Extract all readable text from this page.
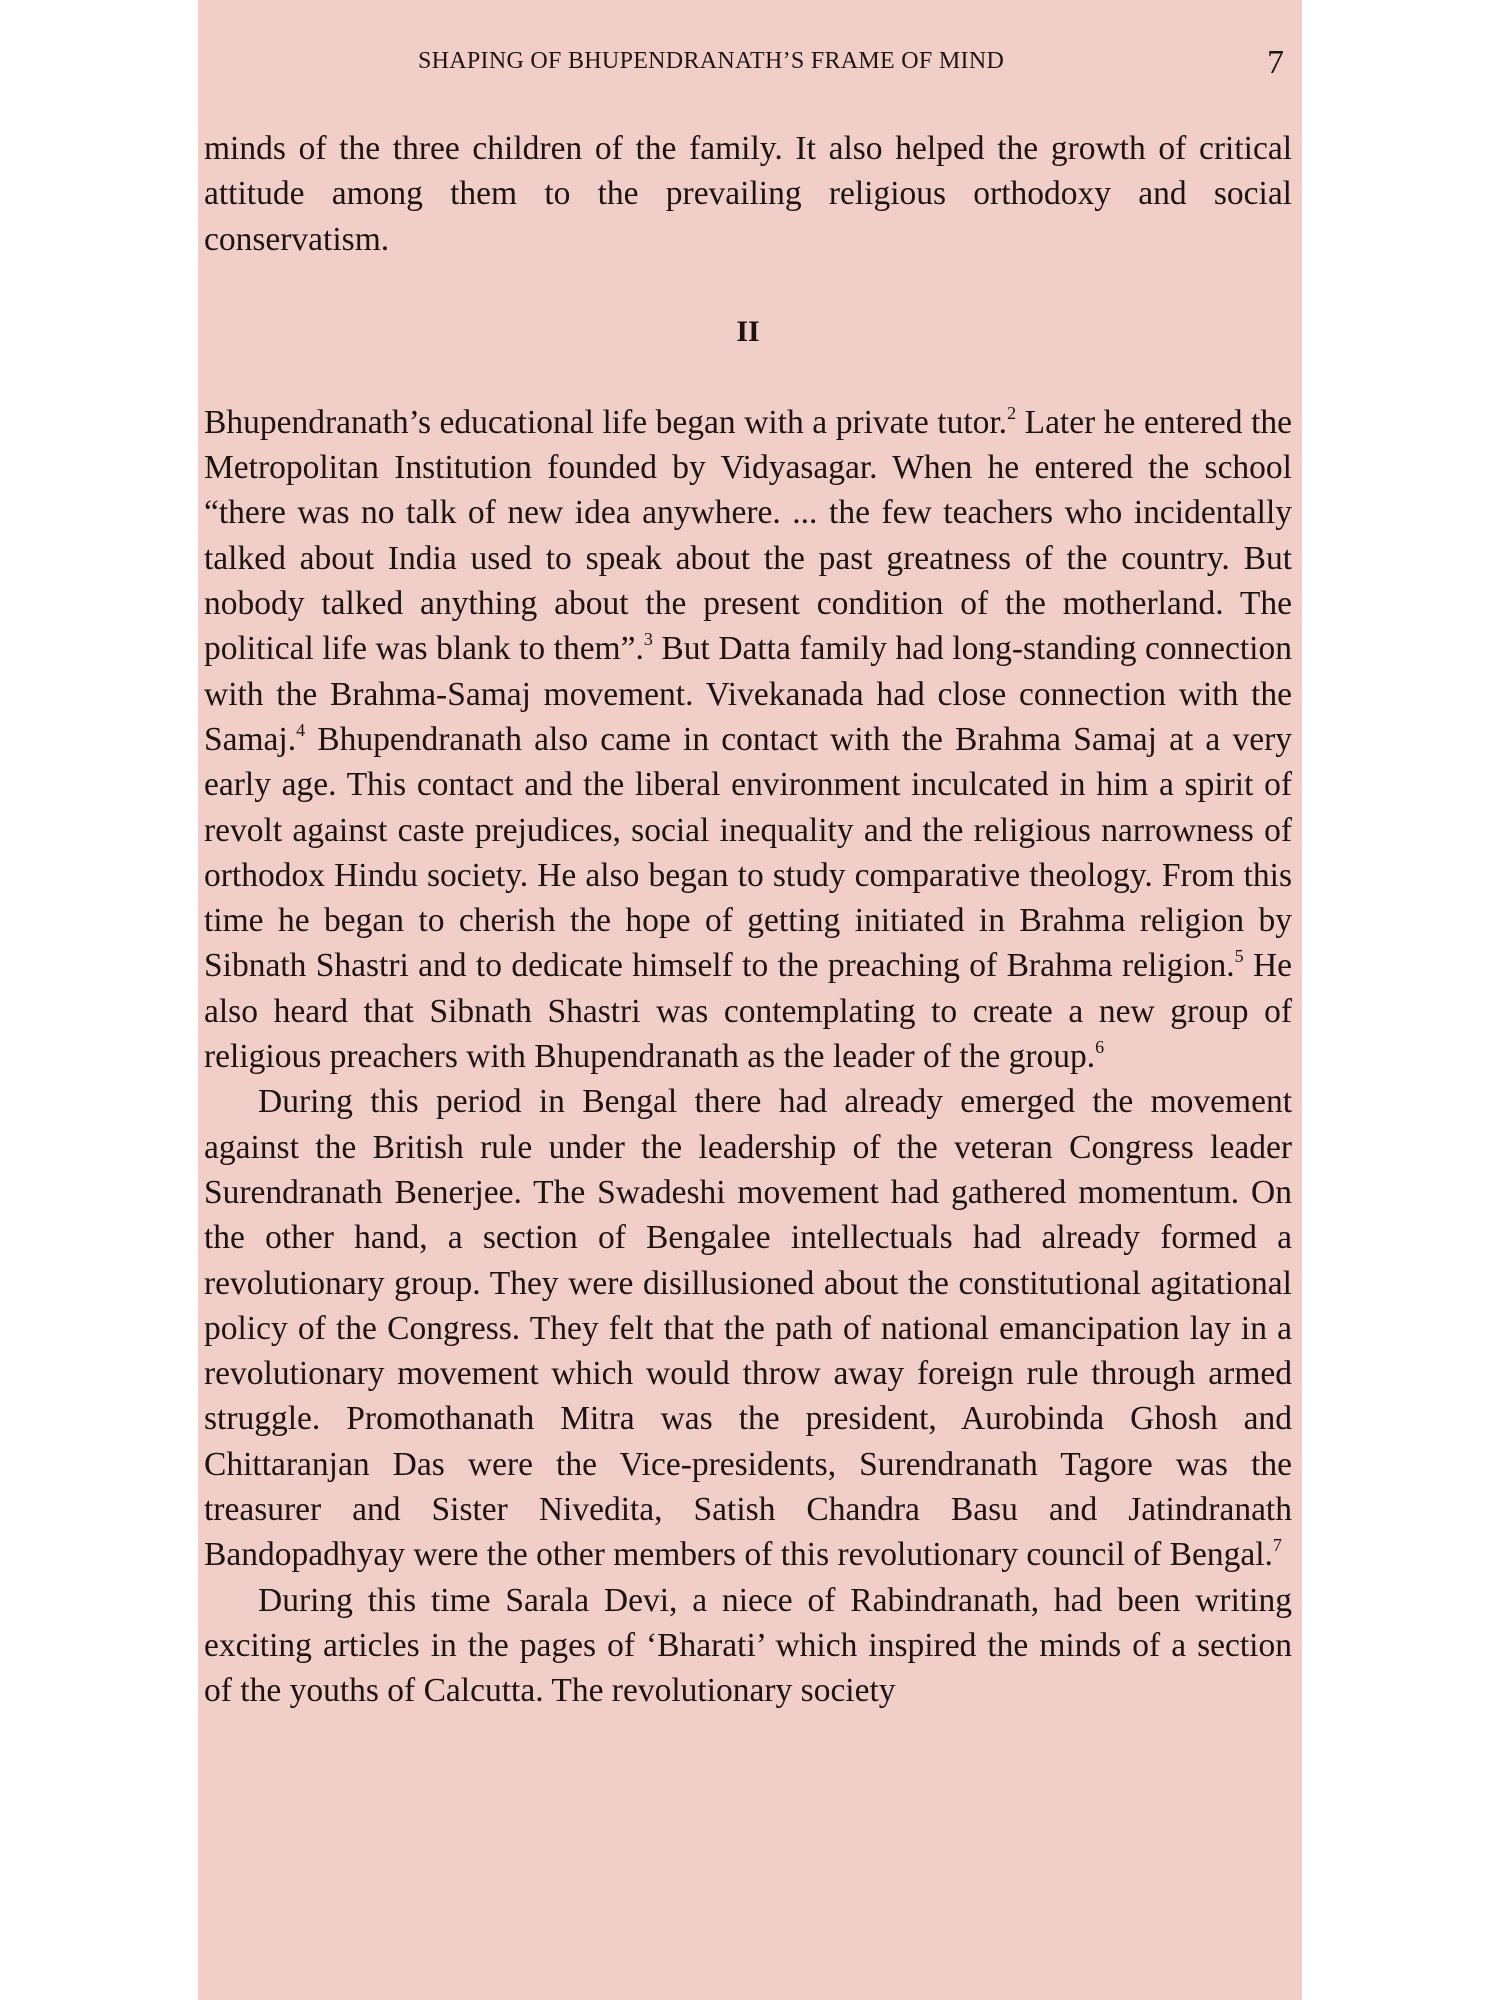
SHAPING OF BHUPENDRANATH’S FRAME OF MIND	7

minds of the three children of the family. It also helped the growth of critical attitude among them to the prevailing religious orthodoxy and social conservatism.

II

Bhupendranath’s educational life began with a private tutor.$^2$ Later he entered the Metropolitan Institution founded by Vidyasagar. When he entered the school “there was no talk of new idea anywhere. ... the few teachers who incidentally talked about India used to speak about the past greatness of the country. But nobody talked anything about the present condition of the motherland. The political life was blank to them”.$^3$ But Datta family had long-standing connection with the Brahma-Samaj movement. Vivekanada had close connection with the Samaj.$^4$ Bhupendranath also came in contact with the Brahma Samaj at a very early age. This contact and the liberal environment inculcated in him a spirit of revolt against caste prejudices, social inequality and the religious narrowness of orthodox Hindu society. He also began to study comparative theology. From this time he began to cherish the hope of getting initiated in Brahma religion by Sibnath Shastri and to dedicate himself to the preaching of Brahma religion.$^5$ He also heard that Sibnath Shastri was contemplating to create a new group of religious preachers with Bhupendranath as the leader of the group.$^6$

During this period in Bengal there had already emerged the movement against the British rule under the leadership of the veteran Congress leader Surendranath Benerjee. The Swadeshi movement had gathered momentum. On the other hand, a section of Bengalee intellectuals had already formed a revolutionary group. They were disillusioned about the constitutional agitational policy of the Congress. They felt that the path of national emancipation lay in a revolutionary movement which would throw away foreign rule through armed struggle. Promothanath Mitra was the president, Aurobinda Ghosh and Chittaranjan Das were the Vice-presidents, Surendranath Tagore was the treasurer and Sister Nivedita, Satish Chandra Basu and Jatindranath Bandopadhyay were the other members of this revolutionary council of Bengal.$^7$

During this time Sarala Devi, a niece of Rabindranath, had been writing exciting articles in the pages of ‘Bharati’ which inspired the minds of a section of the youths of Calcutta. The revolutionary society
